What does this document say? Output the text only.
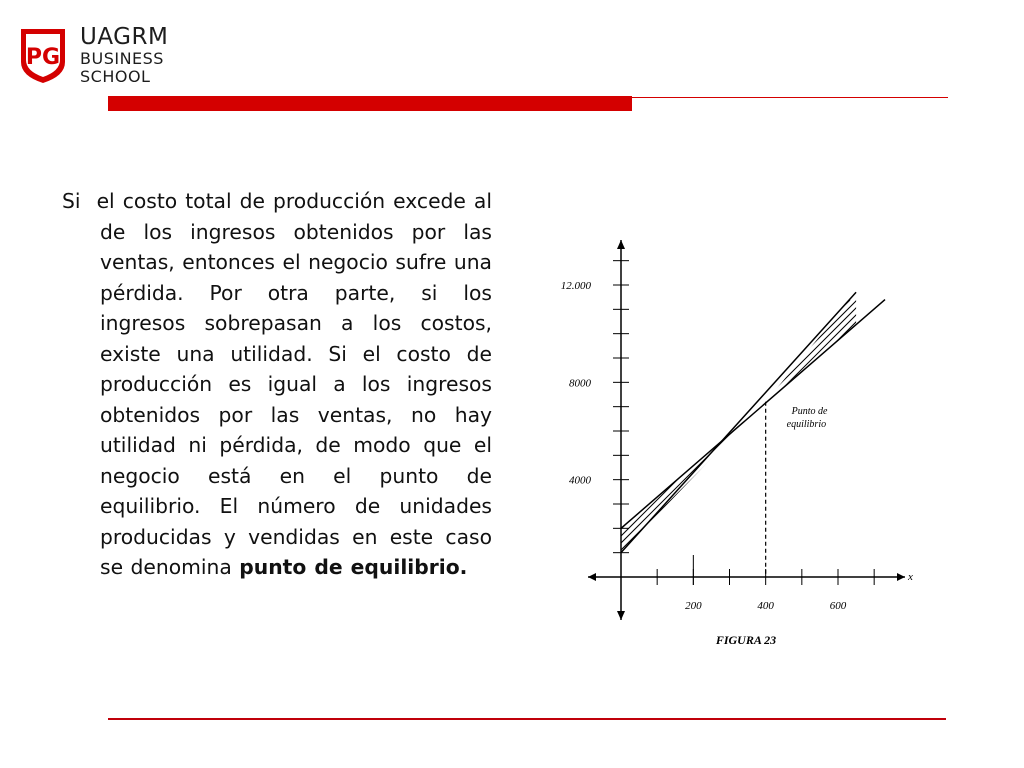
PG
UAGRM
BUSINESS
SCHOOL
Si el costo total de producción excede al de los ingresos obtenidos por las ventas, entonces el negocio sufre una pérdida. Por otra parte, si los ingresos sobrepasan a los costos, existe una utilidad. Si el costo de producción es igual a los ingresos obtenidos por las ventas, no hay utilidad ni pérdida, de modo que el negocio está en el punto de equilibrio. El número de unidades producidas y vendidas en este caso se denomina punto de equilibrio.
4000
8000
12.000
200	400	600
x
Punto de
equilibrio
FIGURA 23
